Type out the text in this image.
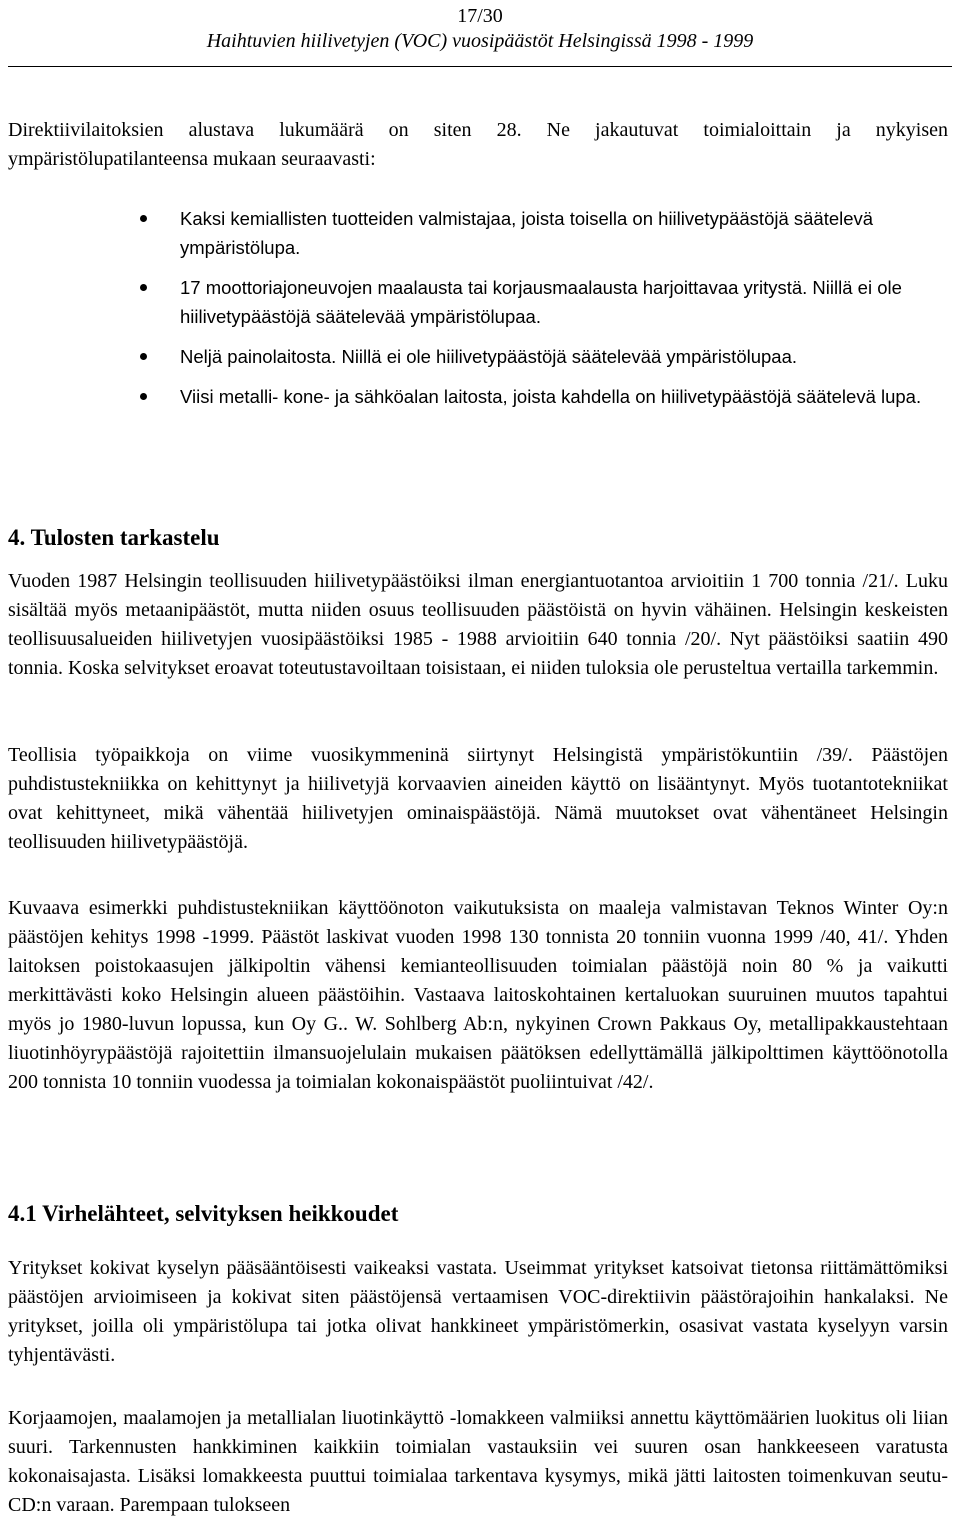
17/30
Haihtuvien hiilivetyjen (VOC) vuosipäästöt Helsingissä 1998 - 1999
Direktiivilaitoksien alustava lukumäärä on siten 28. Ne jakautuvat toimialoittain ja nykyisen ympäristölupatilanteensa mukaan seuraavasti:
Kaksi kemiallisten tuotteiden valmistajaa, joista toisella on hiilivetypäästöjä säätelevä ympäristölupa.
17 moottoriajoneuvojen maalausta tai korjausmaalausta harjoittavaa yritystä. Niillä ei ole hiilivetypäästöjä säätelevää ympäristölupaa.
Neljä painolaitosta. Niillä ei ole hiilivetypäästöjä säätelevää ympäristölupaa.
Viisi metalli- kone- ja sähköalan laitosta, joista kahdella on hiilivetypäästöjä säätelevä lupa.
4. Tulosten tarkastelu
Vuoden 1987 Helsingin teollisuuden hiilivetypäästöiksi ilman energiantuotantoa arvioitiin 1 700 tonnia /21/. Luku sisältää myös metaanipäästöt, mutta niiden osuus teollisuuden päästöistä on hyvin vähäinen. Helsingin keskeisten teollisuusalueiden hiilivetyjen vuosipäästöiksi 1985 - 1988 arvioitiin 640 tonnia /20/. Nyt päästöiksi saatiin 490 tonnia. Koska selvitykset eroavat toteutustavoiltaan toisistaan, ei niiden tuloksia ole perusteltua vertailla tarkemmin.
Teollisia työpaikkoja on viime vuosikymmeninä siirtynyt Helsingistä ympäristökuntiin /39/. Päästöjen puhdistustekniikka on kehittynyt ja hiilivetyjä korvaavien aineiden käyttö on lisääntynyt. Myös tuotantotekniikat ovat kehittyneet, mikä vähentää hiilivetyjen ominaispäästöjä. Nämä muutokset ovat vähentäneet Helsingin teollisuuden hiilivetypäästöjä.
Kuvaava esimerkki puhdistustekniikan käyttöönoton vaikutuksista on maaleja valmistavan Teknos Winter Oy:n päästöjen kehitys 1998 -1999. Päästöt laskivat vuoden 1998 130 tonnista 20 tonniin vuonna 1999 /40, 41/. Yhden laitoksen poistokaasujen jälkipoltin vähensi kemianteollisuuden toimialan päästöjä noin 80 % ja vaikutti merkittävästi koko Helsingin alueen päästöihin. Vastaava laitoskohtainen kertaluokan suuruinen muutos tapahtui myös jo 1980-luvun lopussa, kun Oy G.. W. Sohlberg Ab:n, nykyinen Crown Pakkaus Oy, metallipakkaustehtaan liuotinhöyrypäästöjä rajoitettiin ilmansuojelulain mukaisen päätöksen edellyttämällä jälkipolttimen käyttöönotolla 200 tonnista 10 tonniin vuodessa ja toimialan kokonaispäästöt puoliintuivat /42/.
4.1 Virhelähteet, selvityksen heikkoudet
Yritykset kokivat kyselyn pääsääntöisesti vaikeaksi vastata. Useimmat yritykset katsoivat tietonsa riittämättömiksi päästöjen arvioimiseen ja kokivat siten päästöjensä vertaamisen VOC-direktiivin päästörajoihin hankalaksi. Ne yritykset, joilla oli ympäristölupa tai jotka olivat hankkineet ympäristömerkin, osasivat vastata kyselyyn varsin tyhjentävästi.
Korjaamojen, maalamojen ja metallialan liuotinkäyttö -lomakkeen valmiiksi annettu käyttömäärien luokitus oli liian suuri. Tarkennusten hankkiminen kaikkiin toimialan vastauksiin vei suuren osan hankkeeseen varatusta kokonaisajasta. Lisäksi lomakkeesta puuttui toimialaa tarkentava kysymys, mikä jätti laitosten toimenkuvan seutu-CD:n varaan. Parempaan tulokseen
